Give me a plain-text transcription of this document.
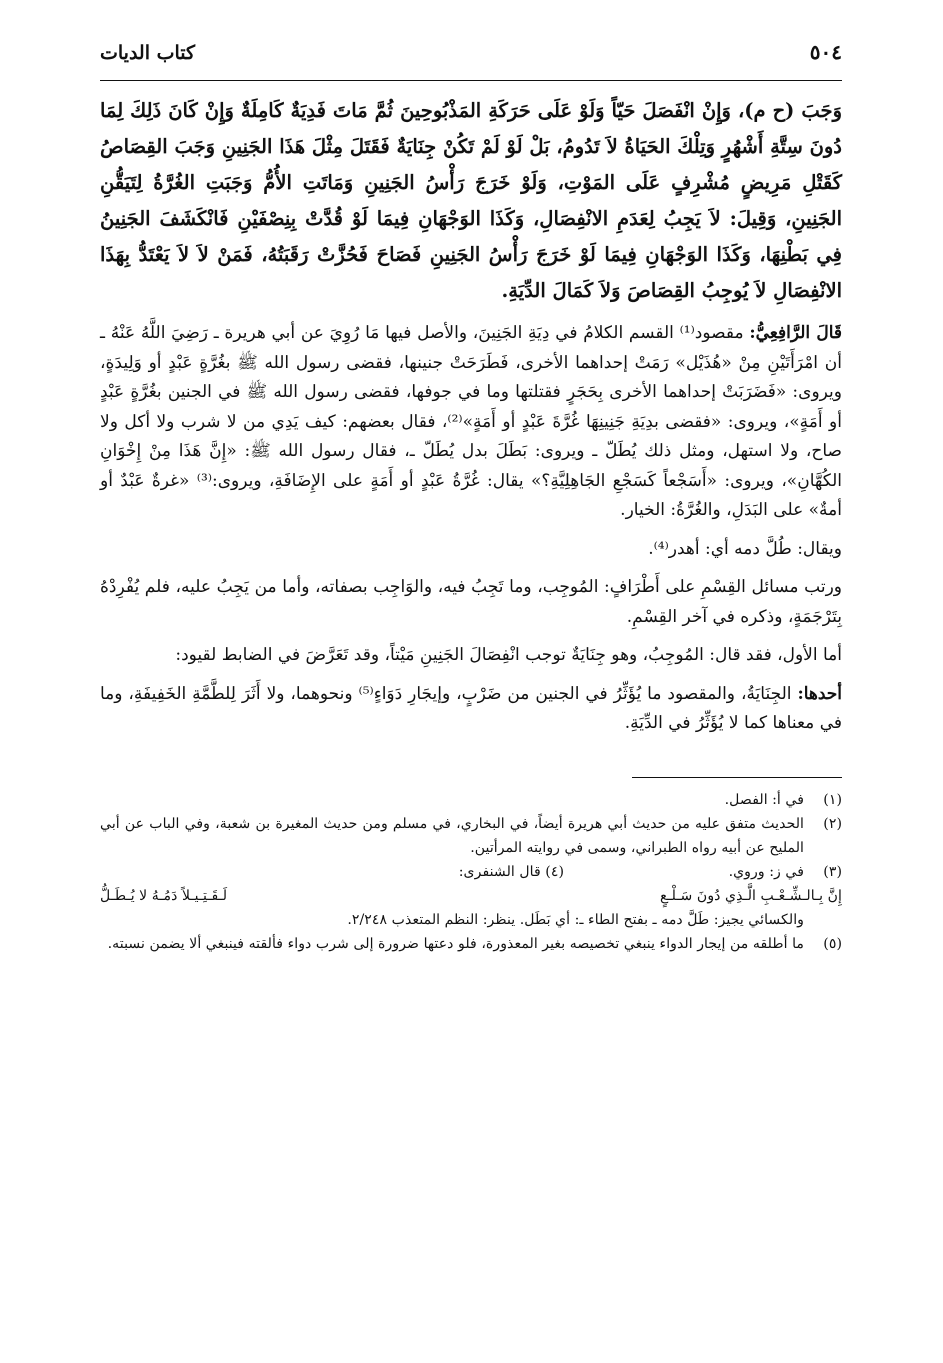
٥٠٤
كتاب الديات
وَجَبَ (ح م)، وَإِنْ انْفَصَلَ حَيّاً وَلَوْ عَلَى حَرَكَةِ المَذْبُوحِينَ ثُمَّ مَاتَ فَدِيَةٌ كَامِلَةٌ وَإِنْ كَانَ ذَلِكَ لِمَا دُونَ سِتَّةِ أَشْهُرٍ وَتِلْكَ الحَيَاةُ لاَ تَدُومُ، بَلْ لَوْ لَمْ تَكُنْ جِنَايَةٌ فَقَتَلَ مِثْلَ هَذَا الجَنِينِ وَجَبَ القِصَاصُ كَقَتْلِ مَرِيضٍ مُشْرِفٍ عَلَى المَوْتِ، وَلَوْ خَرَجَ رَأْسُ الجَنِينِ وَمَاتَتِ الأُمُّ وَجَبَتِ الغُرَّةُ لِتَيَقُّنِ الجَنِينِ، وَقِيلَ: لاَ يَجِبُ لِعَدَمِ الانْفِصَالِ، وَكَذَا الوَجْهَانِ فِيمَا لَوْ قُدَّتْ بِنِصْفَيْنِ فَانْكَشَفَ الجَنِينُ فِي بَطْنِهَا، وَكَذَا الوَجْهَانِ فِيمَا لَوْ خَرَجَ رَأْسُ الجَنِينِ فَصَاحَ فَحُزَّتْ رَقَبَتُهُ، فَمَنْ لاَ لاَ يَعْتَدُّ بِهَذَا الانْفِصَالِ لاَ يُوجِبُ القِصَاصَ وَلاَ كَمَالَ الدِّيَةِ.

قَالَ الرَّافِعِيُّ: مقصود⁽¹⁾ القسم الكلامُ في دِيَةِ الجَنِينَ، والأصل فيها مَا رُوِيَ عن أبي هريرة ـ رَضِيَ اللَّهُ عَنْهُ ـ أن امْرَأَتَيْنِ مِنْ «هُذَيْل» رَمَتْ إحداهما الأخرى، فَطَرَحَتْ جنينها، فقضى رسول الله ﷺ بغُرَّةٍ عَبْدٍ أو وَلِيدَةٍ، ويروى: «فَضَرَبَتْ إحداهما الأخرى بِحَجَرٍ فقتلتها وما في جوفها، فقضى رسول الله ﷺ في الجنين بغُرَّةٍ عَبْدٍ أو أَمَةٍ»، ويروى: «فقضى بدِيَةِ جَنِينِهَا غُرَّةَ عَبْدٍ أو أَمَةٍ»⁽²⁾، فقال بعضهم: كيف يَدِي من لا شرب ولا أكل ولا صاح، ولا استهل، ومثل ذلك يُطَلّ ـ ويروى: بَطَلَ بدل يُطَلّ ـ، فقال رسول الله ﷺ: «إِنَّ هَذَا مِنْ إِخْوَانِ الكُهَّانِ»، ويروى: «أَسَجْعاً كَسَجْعِ الجَاهِلِيَّةِ؟» يقال: غُرَّةُ عَبْدٍ أو أَمَةٍ على الإِضَافَةِ، ويروى:⁽³⁾ «غرةٌ عَبْدٌ أو أمةٌ» على البَدَلِ، والغُرَّةُ: الخيار.

ويقال: طُلَّ دمه أي: أهدر⁽⁴⁾.

ورتب مسائل القِسْمِ على أَطْرَافٍ: المُوجِب، وما تَجِبُ فيه، والوَاجِب بصفاته، وأما من يَجِبُ عليه، فلم يُفْرِدْهُ بِتَرْجَمَةٍ، وذكره في آخر القِسْمِ.

أما الأول، فقد قال: المُوجِبُ، وهو جِنَايَةٌ توجب انْفِصَالَ الجَنِينِ مَيْتاً، وقد تَعَرَّضَ في الضابط لقيود:

أحدها: الجِنَايَةُ، والمقصود ما يُؤَثِّرُ في الجنين من ضَرْبٍ، وإيجَارِ دَوَاءٍ⁽⁵⁾ ونحوهما، ولا أَثَرَ لِلطَّمَّةِ الخَفِيفَةِ، وما في معناها كما لا يُؤَثِّرُ في الدِّيَةِ.

(١)
في أ: الفصل.
(٢)
الحديث متفق عليه من حديث أبي هريرة أيضاً، في البخاري، في مسلم ومن حديث المغيرة بن شعبة، وفي الباب عن أبي المليح عن أبيه رواه الطبراني، وسمى في روايته المرأتين.
(٣)
في ز: وروي.
(٤) قال الشنفرى:
إِنَّ بِـالـشِّـعْـبِ الَّـذِي دُونَ سَـلْـعٍ
لَـقَـتِـيـلاً دَمُـهُ لا يُـطَـلُّ
والكسائي يجيز: طَلَّ دمه ـ بفتح الطاء ـ: أي بَطَل. ينظر: النظم المتعذب ٢/٢٤٨.
(٥)
ما أطلقه من إيجار الدواء ينبغي تخصيصه بغير المعذورة، فلو دعتها ضرورة إلى شرب دواء فألقته فينبغي ألا يضمن نسبته.
